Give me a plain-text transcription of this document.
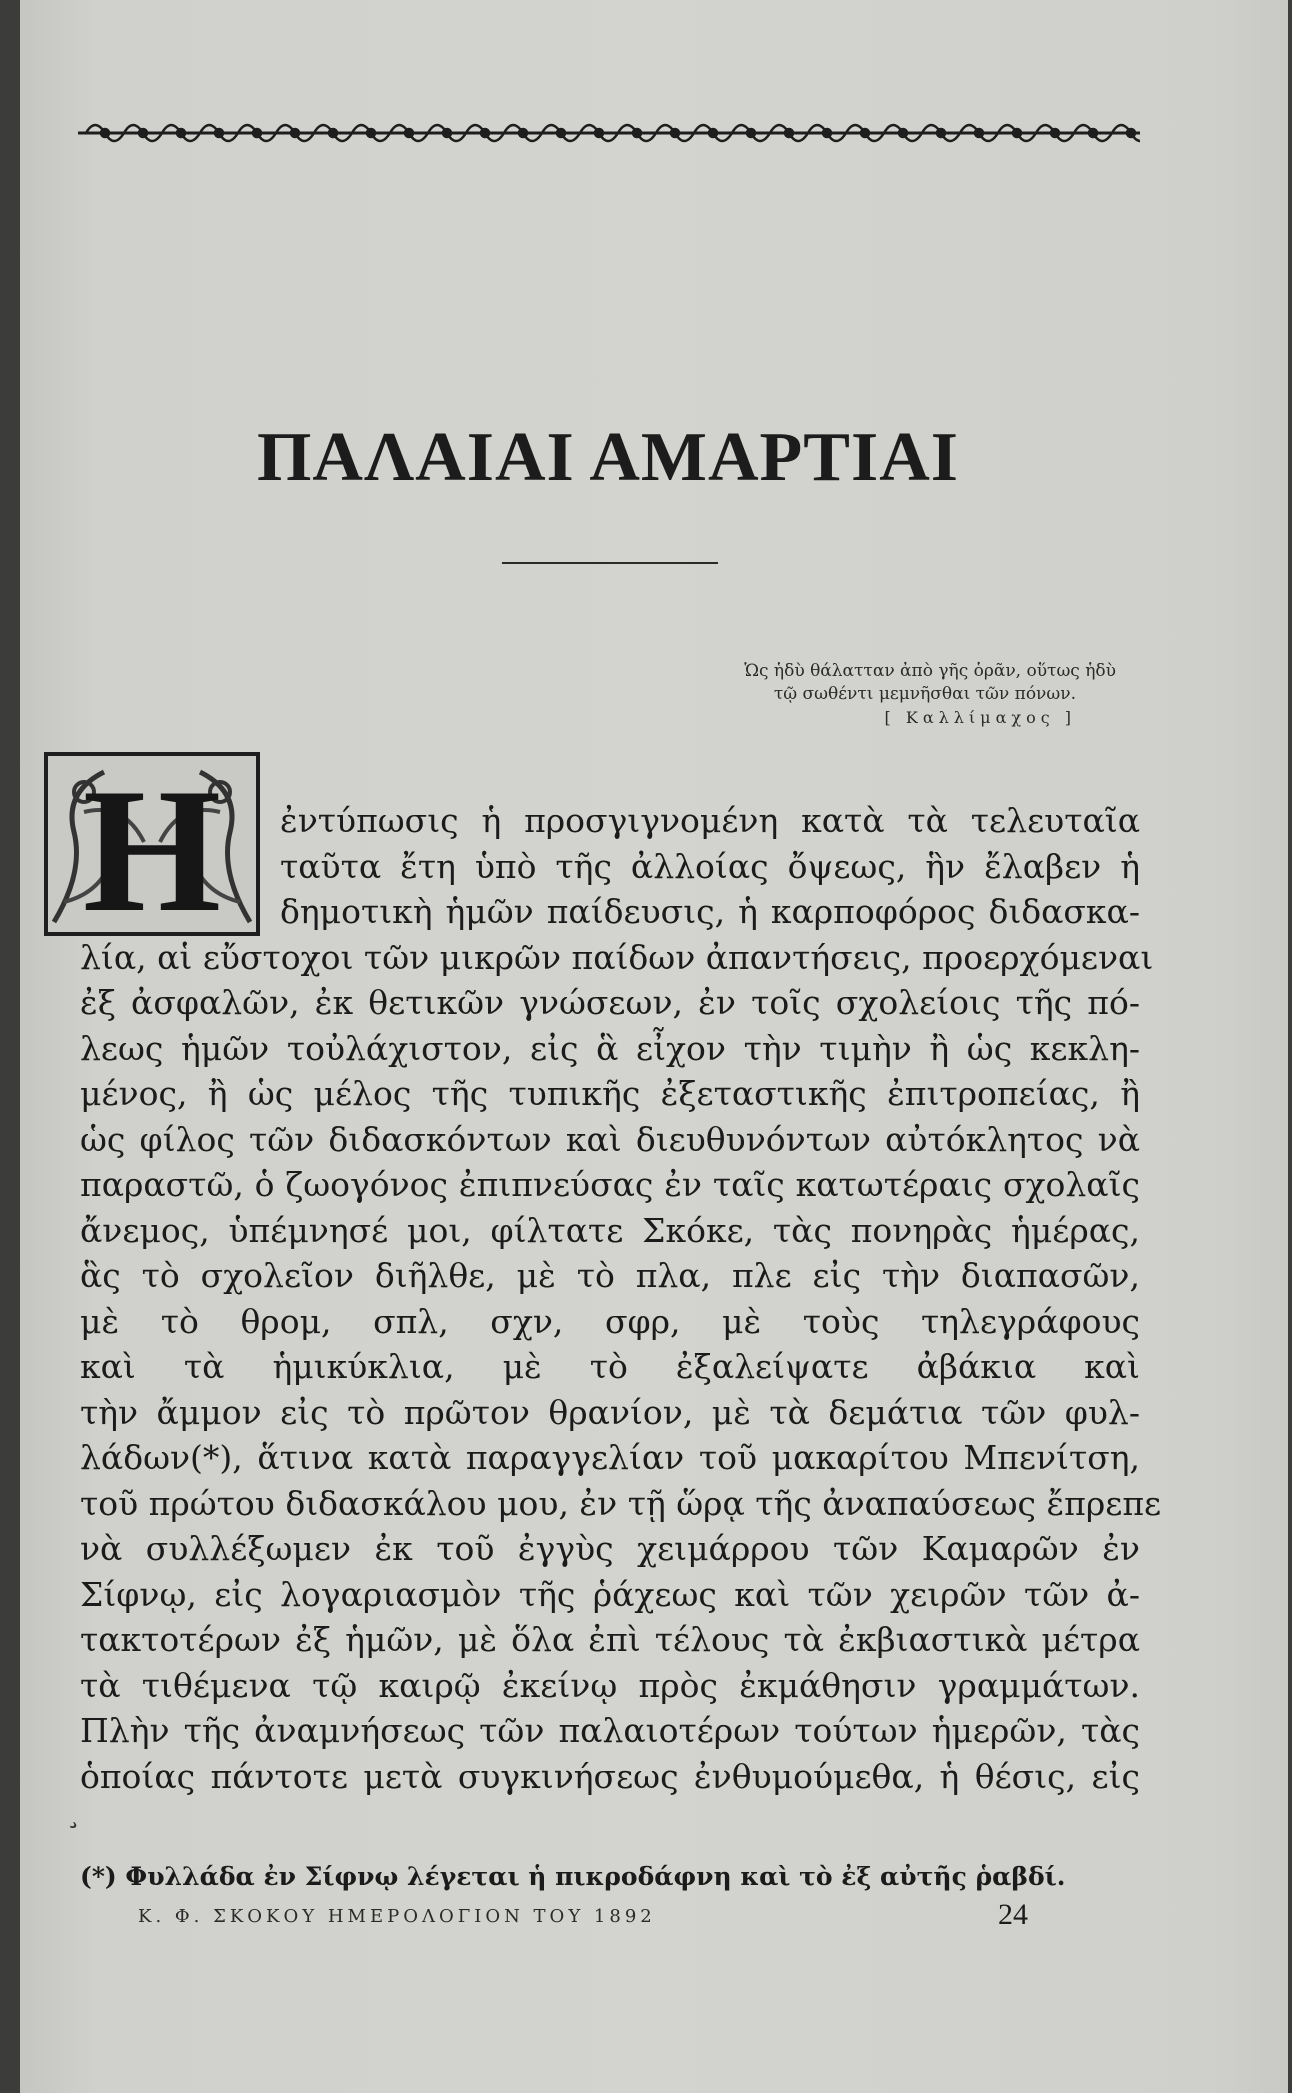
ΠΑΛΑΙΑΙ ΑΜΑΡΤΙΑΙ
Ὡς ἡδὺ θάλατταν ἀπὸ γῆς ὁρᾶν, οὕτως ἡδὺ
τῷ σωθέντι μεμνῆσθαι τῶν πόνων.
[ Καλλίμαχος ]
Η	ἐντύπωσις ἡ προσγιγνομένη κατὰ τὰ τελευταῖα
ταῦτα ἔτη ὑπὸ τῆς ἀλλοίας ὄψεως, ἣν ἔλαβεν ἡ
δημοτικὴ ἡμῶν παίδευσις, ἡ καρποφόρος διδασκα-
λία, αἱ εὔστοχοι τῶν μικρῶν παίδων ἀπαντήσεις, προερχόμεναι
ἐξ ἀσφαλῶν, ἐκ θετικῶν γνώσεων, ἐν τοῖς σχολείοις τῆς πό-
λεως ἡμῶν τοὐλάχιστον, εἰς ἃ εἶχον τὴν τιμὴν ἢ ὡς κεκλη-
μένος, ἢ ὡς μέλος τῆς τυπικῆς ἐξεταστικῆς ἐπιτροπείας, ἢ
ὡς φίλος τῶν διδασκόντων καὶ διευθυνόντων αὐτόκλητος νὰ
παραστῶ, ὁ ζωογόνος ἐπιπνεύσας ἐν ταῖς κατωτέραις σχολαῖς
ἄνεμος, ὑπέμνησέ μοι, φίλτατε Σκόκε, τὰς πονηρὰς ἡμέρας,
ἃς τὸ σχολεῖον διῆλθε, μὲ τὸ πλα, πλε εἰς τὴν διαπασῶν,
μὲ τὸ θρομ, σπλ, σχν, σφρ, μὲ τοὺς τηλεγράφους
καὶ τὰ ἡμικύκλια, μὲ τὸ ἐξαλείψατε ἀβάκια καὶ
τὴν ἄμμον εἰς τὸ πρῶτον θρανίον, μὲ τὰ δεμάτια τῶν φυλ-
λάδων(*), ἅτινα κατὰ παραγγελίαν τοῦ μακαρίτου Μπενίτση,
τοῦ πρώτου διδασκάλου μου, ἐν τῇ ὥρᾳ τῆς ἀναπαύσεως ἔπρεπε
νὰ συλλέξωμεν ἐκ τοῦ ἐγγὺς χειμάρρου τῶν Καμαρῶν ἐν
Σίφνῳ, εἰς λογαριασμὸν τῆς ῥάχεως καὶ τῶν χειρῶν τῶν ἀ-
τακτοτέρων ἐξ ἡμῶν, μὲ ὅλα ἐπὶ τέλους τὰ ἐκβιαστικὰ μέτρα
τὰ τιθέμενα τῷ καιρῷ ἐκείνῳ πρὸς ἐκμάθησιν γραμμάτων.
Πλὴν τῆς ἀναμνήσεως τῶν παλαιοτέρων τούτων ἡμερῶν, τὰς
ὁποίας πάντοτε μετὰ συγκινήσεως ἐνθυμούμεθα, ἡ θέσις, εἰς
¸
(*) Φυλλάδα ἐν Σίφνῳ λέγεται ἡ πικροδάφνη καὶ τὸ ἐξ αὐτῆς ῥαβδί.
Κ. Φ. ΣΚΟΚΟΥ ΗΜΕΡΟΛΟΓΙΟΝ ΤΟΥ 1892	24
